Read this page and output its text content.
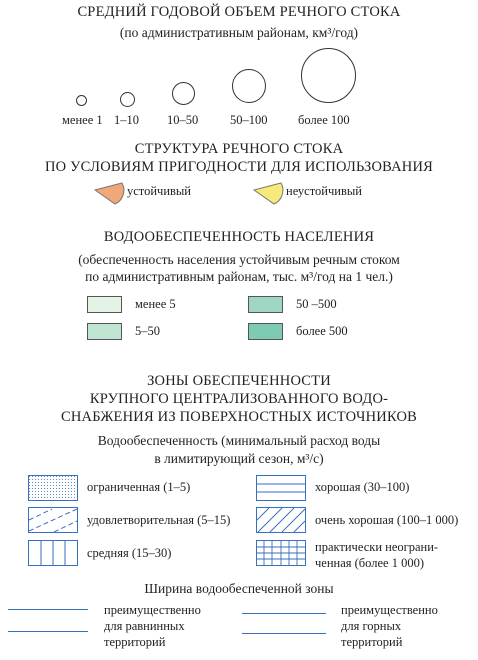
СРЕДНИЙ ГОДОВОЙ ОБЪЕМ РЕЧНОГО СТОКА
(по административным районам, км³/год)
менее 1 1–10 10–50	50–100 более 100
СТРУКТУРА РЕЧНОГО СТОКА
ПО УСЛОВИЯМ ПРИГОДНОСТИ ДЛЯ ИСПОЛЬЗОВАНИЯ
устойчивый	неустойчивый
ВОДООБЕСПЕЧЕННОСТЬ НАСЕЛЕНИЯ
(обеспеченность населения устойчивым речным стоком
по административным районам, тыс. м³/год на 1 чел.)
менее 5
5–50
50 –500
более 500
ЗОНЫ ОБЕСПЕЧЕННОСТИ
КРУПНОГО ЦЕНТРАЛИЗОВАННОГО ВОДО-
СНАБЖЕНИЯ ИЗ ПОВЕРХНОСТНЫХ ИСТОЧНИКОВ
Водообеспеченность (минимальный расход воды
в лимитирующий сезон, м³/с)
ограниченная (1–5)
удовлетворительная (5–15)
средняя (15–30)
хорошая (30–100)
очень хорошая (100–1 000)
практически неограни-
ченная (более 1 000)
Ширина водообеспеченной зоны
преимущественно
для равнинных
территорий
преимущественно
для горных
территорий
